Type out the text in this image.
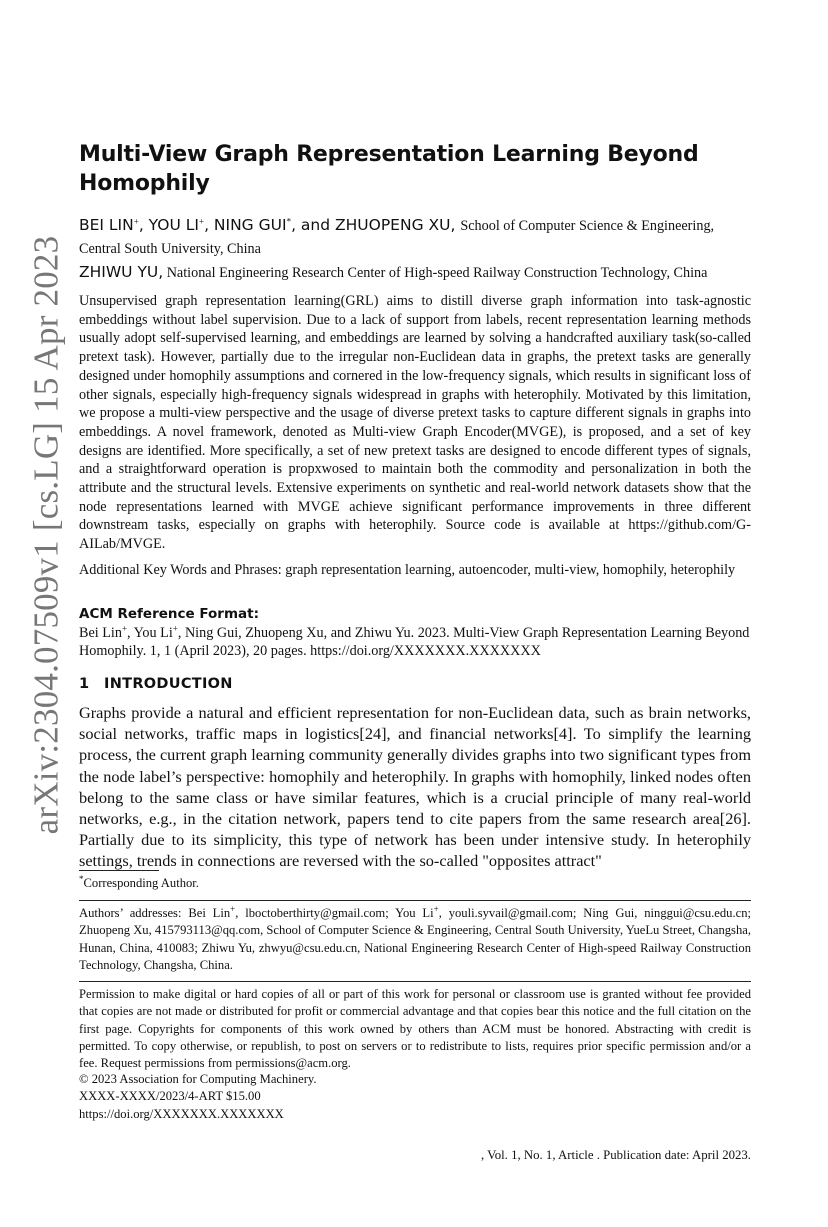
arXiv:2304.07509v1 [cs.LG] 15 Apr 2023
Multi-View Graph Representation Learning Beyond Homophily
BEI LIN+, YOU LI+, NING GUI*, and ZHUOPENG XU, School of Computer Science & Engineering, Central South University, China
ZHIWU YU, National Engineering Research Center of High-speed Railway Construction Technology, China

Unsupervised graph representation learning(GRL) aims to distill diverse graph information into task-agnostic embeddings without label supervision. Due to a lack of support from labels, recent representation learning methods usually adopt self-supervised learning, and embeddings are learned by solving a handcrafted auxiliary task(so-called pretext task). However, partially due to the irregular non-Euclidean data in graphs, the pretext tasks are generally designed under homophily assumptions and cornered in the low-frequency signals, which results in significant loss of other signals, especially high-frequency signals widespread in graphs with heterophily. Motivated by this limitation, we propose a multi-view perspective and the usage of diverse pretext tasks to capture different signals in graphs into embeddings. A novel framework, denoted as Multi-view Graph Encoder(MVGE), is proposed, and a set of key designs are identified. More specifically, a set of new pretext tasks are designed to encode different types of signals, and a straightforward operation is propxwosed to maintain both the commodity and personalization in both the attribute and the structural levels. Extensive experiments on synthetic and real-world network datasets show that the node representations learned with MVGE achieve significant performance improvements in three different downstream tasks, especially on graphs with heterophily. Source code is available at https://github.com/G-AILab/MVGE.

Additional Key Words and Phrases: graph representation learning, autoencoder, multi-view, homophily, heterophily

ACM Reference Format:
Bei Lin+, You Li+, Ning Gui, Zhuopeng Xu, and Zhiwu Yu. 2023. Multi-View Graph Representation Learning Beyond Homophily. 1, 1 (April 2023), 20 pages. https://doi.org/XXXXXXX.XXXXXXX
1 INTRODUCTION

Graphs provide a natural and efficient representation for non-Euclidean data, such as brain networks, social networks, traffic maps in logistics[24], and financial networks[4]. To simplify the learning process, the current graph learning community generally divides graphs into two significant types from the node label’s perspective: homophily and heterophily. In graphs with homophily, linked nodes often belong to the same class or have similar features, which is a crucial principle of many real-world networks, e.g., in the citation network, papers tend to cite papers from the same research area[26]. Partially due to its simplicity, this type of network has been under intensive study. In heterophily settings, trends in connections are reversed with the so-called "opposites attract"

*Corresponding Author.

Authors’ addresses: Bei Lin+, lboctoberthirty@gmail.com; You Li+, youli.syvail@gmail.com; Ning Gui, ninggui@csu.edu.cn; Zhuopeng Xu, 415793113@qq.com, School of Computer Science & Engineering, Central South University, YueLu Street, Changsha, Hunan, China, 410083; Zhiwu Yu, zhwyu@csu.edu.cn, National Engineering Research Center of High-speed Railway Construction Technology, Changsha, China.

Permission to make digital or hard copies of all or part of this work for personal or classroom use is granted without fee provided that copies are not made or distributed for profit or commercial advantage and that copies bear this notice and the full citation on the first page. Copyrights for components of this work owned by others than ACM must be honored. Abstracting with credit is permitted. To copy otherwise, or republish, to post on servers or to redistribute to lists, requires prior specific permission and/or a fee. Request permissions from permissions@acm.org.

© 2023 Association for Computing Machinery.
XXXX-XXXX/2023/4-ART $15.00
https://doi.org/XXXXXXX.XXXXXXX
, Vol. 1, No. 1, Article . Publication date: April 2023.
